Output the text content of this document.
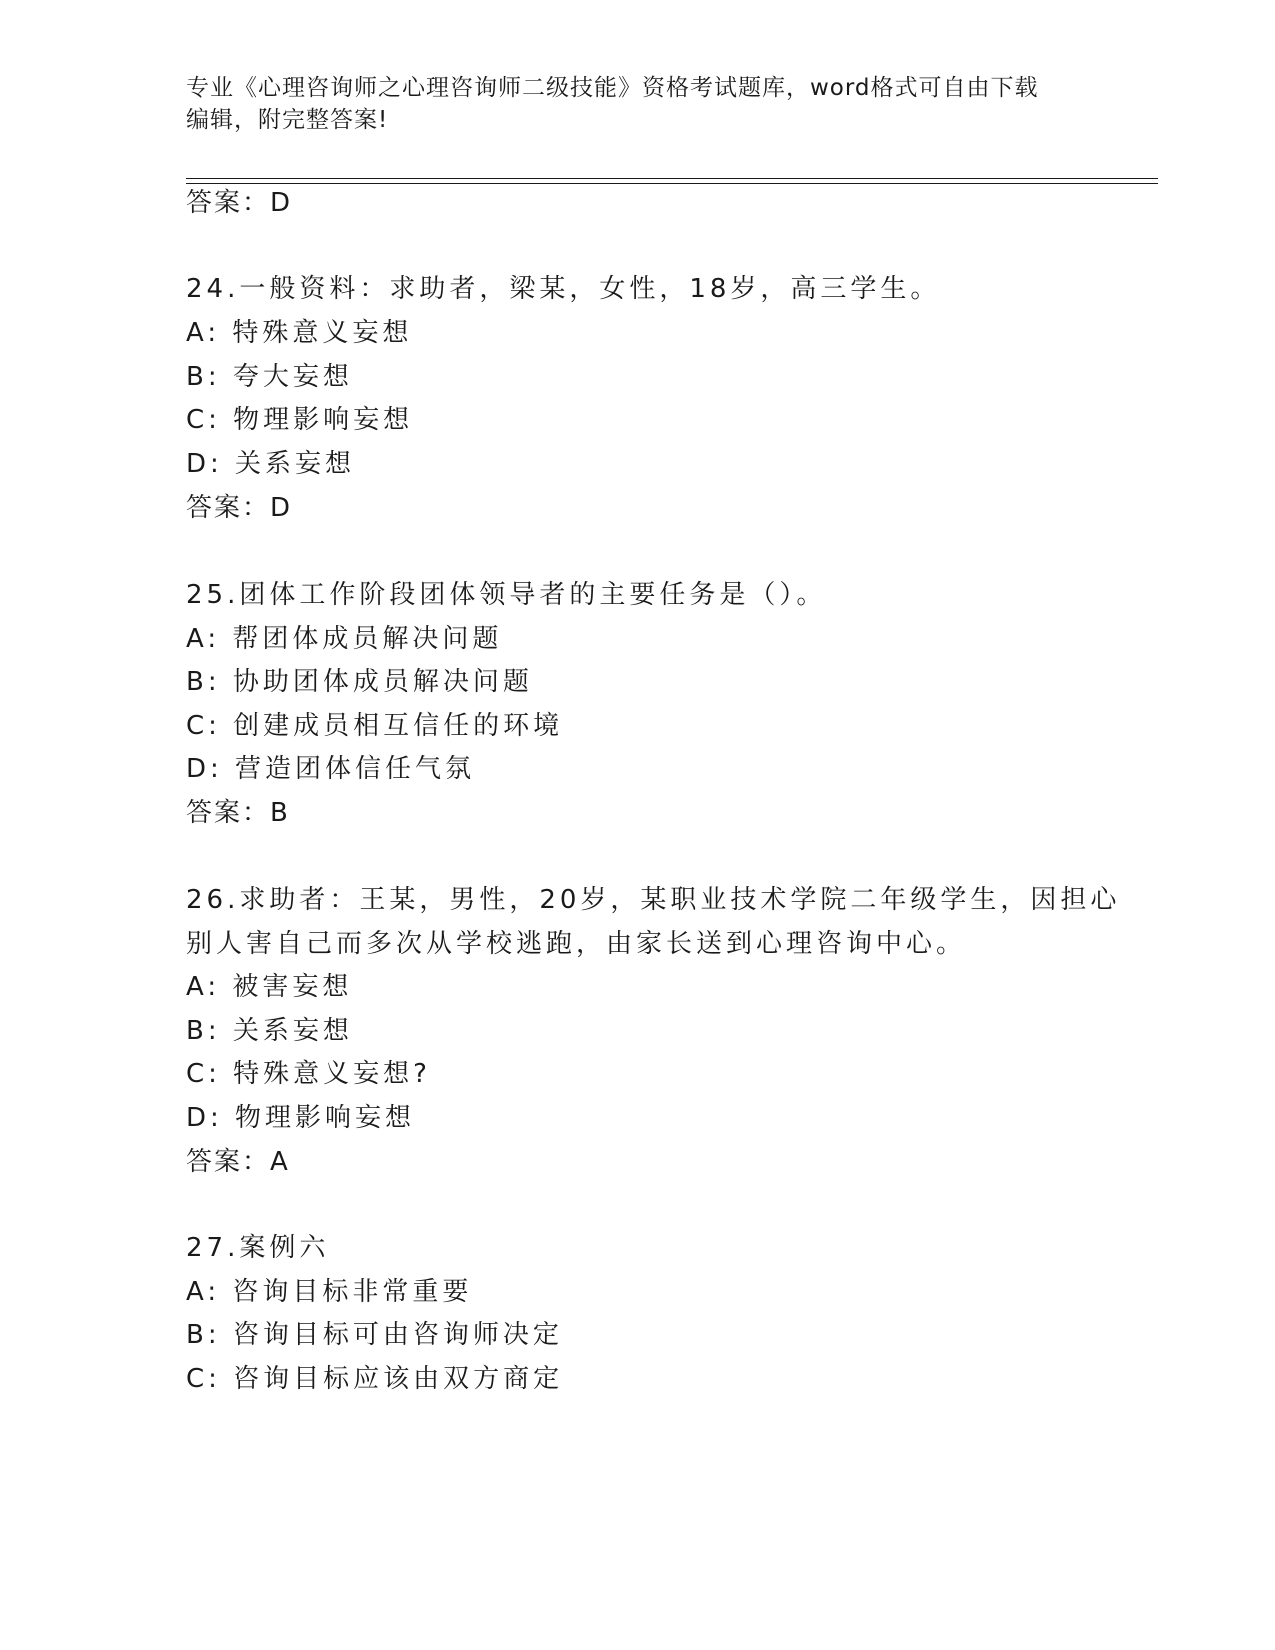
专业《心理咨询师之心理咨询师二级技能》资格考试题库，word格式可自由下载
编辑，附完整答案!
答案：D
24.一般资料：求助者，梁某，女性，18岁，高三学生。
A: 特殊意义妄想
B: 夸大妄想
C: 物理影响妄想
D: 关系妄想
答案：D
25.团体工作阶段团体领导者的主要任务是（）。
A: 帮团体成员解决问题
B: 协助团体成员解决问题
C: 创建成员相互信任的环境
D: 营造团体信任气氛
答案：B
26.求助者：王某，男性，20岁，某职业技术学院二年级学生，因担心
别人害自己而多次从学校逃跑，由家长送到心理咨询中心。
A: 被害妄想
B: 关系妄想
C: 特殊意义妄想?
D: 物理影响妄想
答案：A
27.案例六
A: 咨询目标非常重要
B: 咨询目标可由咨询师决定
C: 咨询目标应该由双方商定
